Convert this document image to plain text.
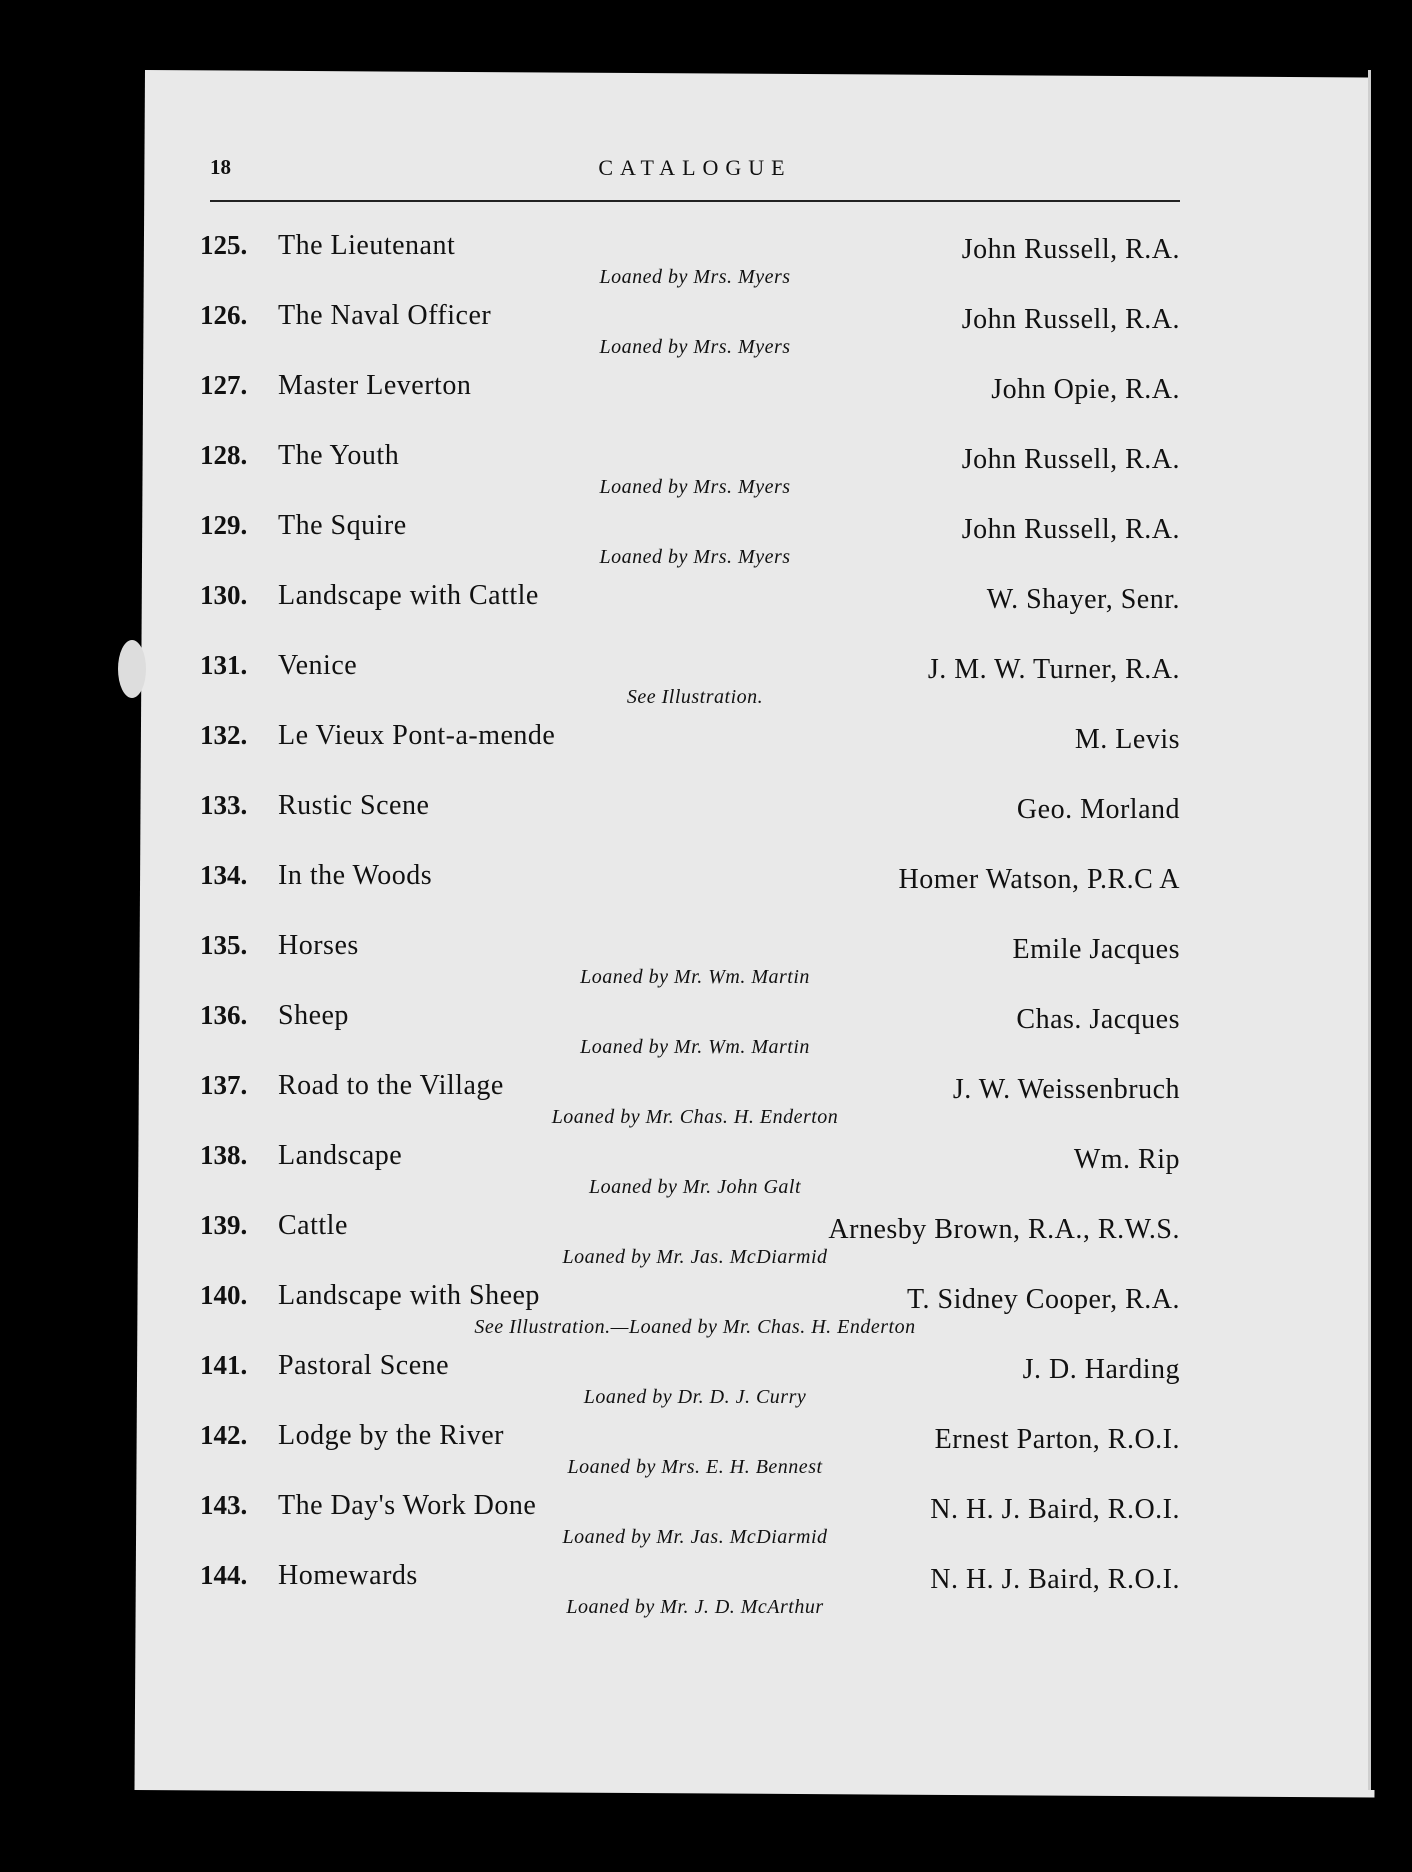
18	CATALOGUE
125.	The Lieutenant	John Russell, R.A.
Loaned by Mrs. Myers
126.	The Naval Officer	John Russell, R.A.
Loaned by Mrs. Myers
127.	Master Leverton	John Opie, R.A.
128.	The Youth	John Russell, R.A.
Loaned by Mrs. Myers
129.	The Squire	John Russell, R.A.
Loaned by Mrs. Myers
130.	Landscape with Cattle	W. Shayer, Senr.
131.	Venice	J. M. W. Turner, R.A.
See Illustration.
132.	Le Vieux Pont-a-mende	M. Levis
133.	Rustic Scene	Geo. Morland
134.	In the Woods	Homer Watson, P.R.C A
135.	Horses	Emile Jacques
Loaned by Mr. Wm. Martin
136.	Sheep	Chas. Jacques
Loaned by Mr. Wm. Martin
137.	Road to the Village	J. W. Weissenbruch
Loaned by Mr. Chas. H. Enderton
138.	Landscape	Wm. Rip
Loaned by Mr. John Galt
139.	Cattle	Arnesby Brown, R.A., R.W.S.
Loaned by Mr. Jas. McDiarmid
140.	Landscape with Sheep	T. Sidney Cooper, R.A.
See Illustration.—Loaned by Mr. Chas. H. Enderton
141.	Pastoral Scene	J. D. Harding
Loaned by Dr. D. J. Curry
142.	Lodge by the River	Ernest Parton, R.O.I.
Loaned by Mrs. E. H. Bennest
143.	The Day's Work Done	N. H. J. Baird, R.O.I.
Loaned by Mr. Jas. McDiarmid
144.	Homewards	N. H. J. Baird, R.O.I.
Loaned by Mr. J. D. McArthur
